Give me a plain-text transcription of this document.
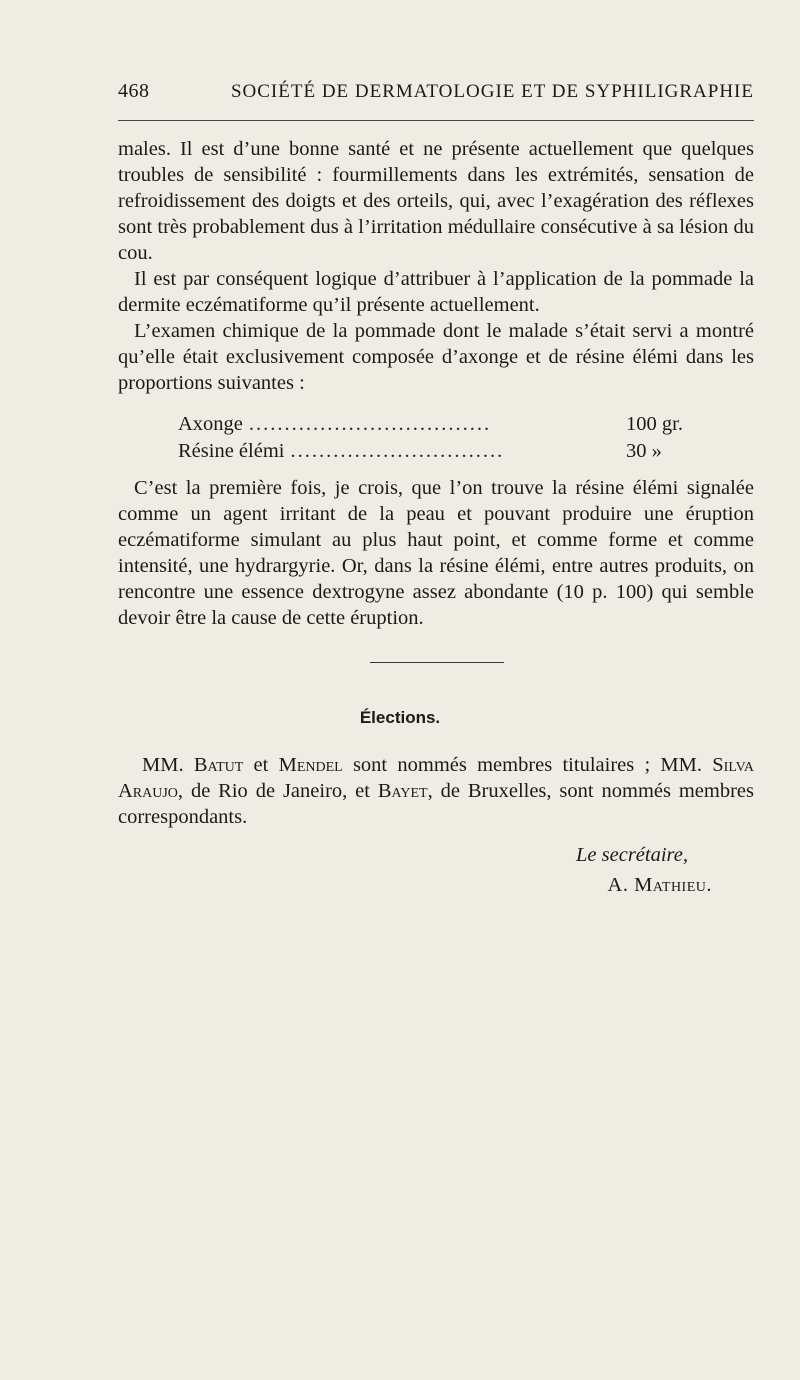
468	SOCIÉTÉ DE DERMATOLOGIE ET DE SYPHILIGRAPHIE

males. Il est d’une bonne santé et ne présente actuellement que quelques troubles de sensibilité : fourmillements dans les extrémités, sensation de refroidissement des doigts et des orteils, qui, avec l’exagération des réflexes sont très probablement dus à l’irritation médullaire consécutive à sa lésion du cou.

Il est par conséquent logique d’attribuer à l’application de la pommade la dermite eczématiforme qu’il présente actuellement.

L’examen chimique de la pommade dont le malade s’était servi a montré qu’elle était exclusivement composée d’axonge et de résine élémi dans les proportions suivantes :

Axonge ..................................	100 gr.
Résine élémi ..............................	30 »

C’est la première fois, je crois, que l’on trouve la résine élémi signalée comme un agent irritant de la peau et pouvant produire une éruption eczématiforme simulant au plus haut point, et comme forme et comme intensité, une hydrargyrie. Or, dans la résine élémi, entre autres produits, on rencontre une essence dextrogyne assez abondante (10 p. 100) qui semble devoir être la cause de cette éruption.

Élections.

MM. Batut et Mendel sont nommés membres titulaires ; MM. Silva Araujo, de Rio de Janeiro, et Bayet, de Bruxelles, sont nommés membres correspondants.

Le secrétaire,
A. Mathieu.
